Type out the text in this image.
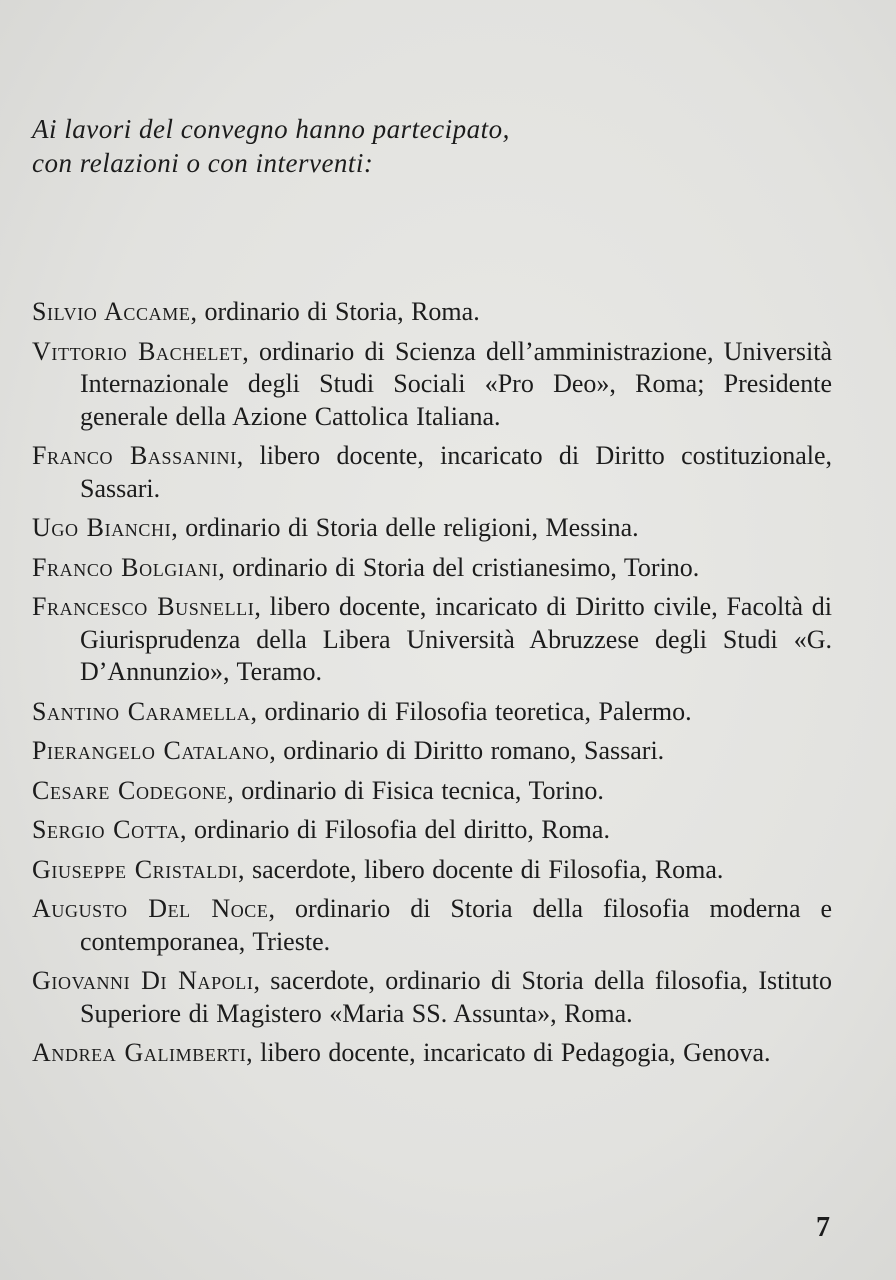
Ai lavori del convegno hanno partecipato,
con relazioni o con interventi:

Silvio Accame, ordinario di Storia, Roma.

Vittorio Bachelet, ordinario di Scienza dell’amministrazione, Università Internazionale degli Studi Sociali «Pro Deo», Roma; Presidente generale della Azione Cattolica Italiana.

Franco Bassanini, libero docente, incaricato di Diritto costituzionale, Sassari.

Ugo Bianchi, ordinario di Storia delle religioni, Messina.

Franco Bolgiani, ordinario di Storia del cristianesimo, Torino.

Francesco Busnelli, libero docente, incaricato di Diritto civile, Facoltà di Giurisprudenza della Libera Università Abruzzese degli Studi «G. D’Annunzio», Teramo.

Santino Caramella, ordinario di Filosofia teoretica, Palermo.

Pierangelo Catalano, ordinario di Diritto romano, Sassari.

Cesare Codegone, ordinario di Fisica tecnica, Torino.

Sergio Cotta, ordinario di Filosofia del diritto, Roma.

Giuseppe Cristaldi, sacerdote, libero docente di Filosofia, Roma.

Augusto Del Noce, ordinario di Storia della filosofia moderna e contemporanea, Trieste.

Giovanni Di Napoli, sacerdote, ordinario di Storia della filosofia, Istituto Superiore di Magistero «Maria SS. Assunta», Roma.

Andrea Galimberti, libero docente, incaricato di Pedagogia, Genova.

7
